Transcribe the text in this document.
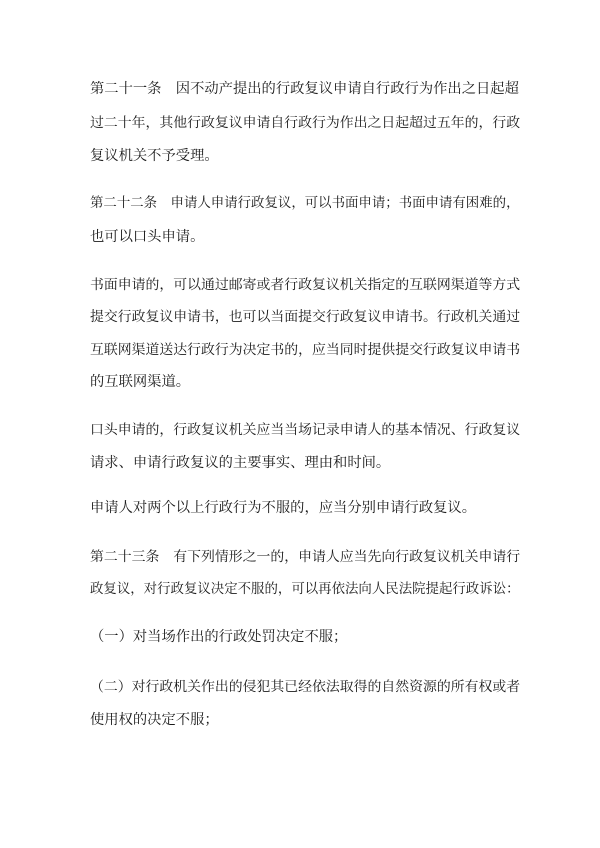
第二十一条　因不动产提出的行政复议申请自行政行为作出之日起超
过二十年，其他行政复议申请自行政行为作出之日起超过五年的，行政
复议机关不予受理。
第二十二条　申请人申请行政复议，可以书面申请；书面申请有困难的，
也可以口头申请。
书面申请的，可以通过邮寄或者行政复议机关指定的互联网渠道等方式
提交行政复议申请书，也可以当面提交行政复议申请书。行政机关通过
互联网渠道送达行政行为决定书的，应当同时提供提交行政复议申请书
的互联网渠道。
口头申请的，行政复议机关应当当场记录申请人的基本情况、行政复议
请求、申请行政复议的主要事实、理由和时间。
申请人对两个以上行政行为不服的，应当分别申请行政复议。
第二十三条　有下列情形之一的，申请人应当先向行政复议机关申请行
政复议，对行政复议决定不服的，可以再依法向人民法院提起行政诉讼：
（一）对当场作出的行政处罚决定不服；
（二）对行政机关作出的侵犯其已经依法取得的自然资源的所有权或者
使用权的决定不服；
